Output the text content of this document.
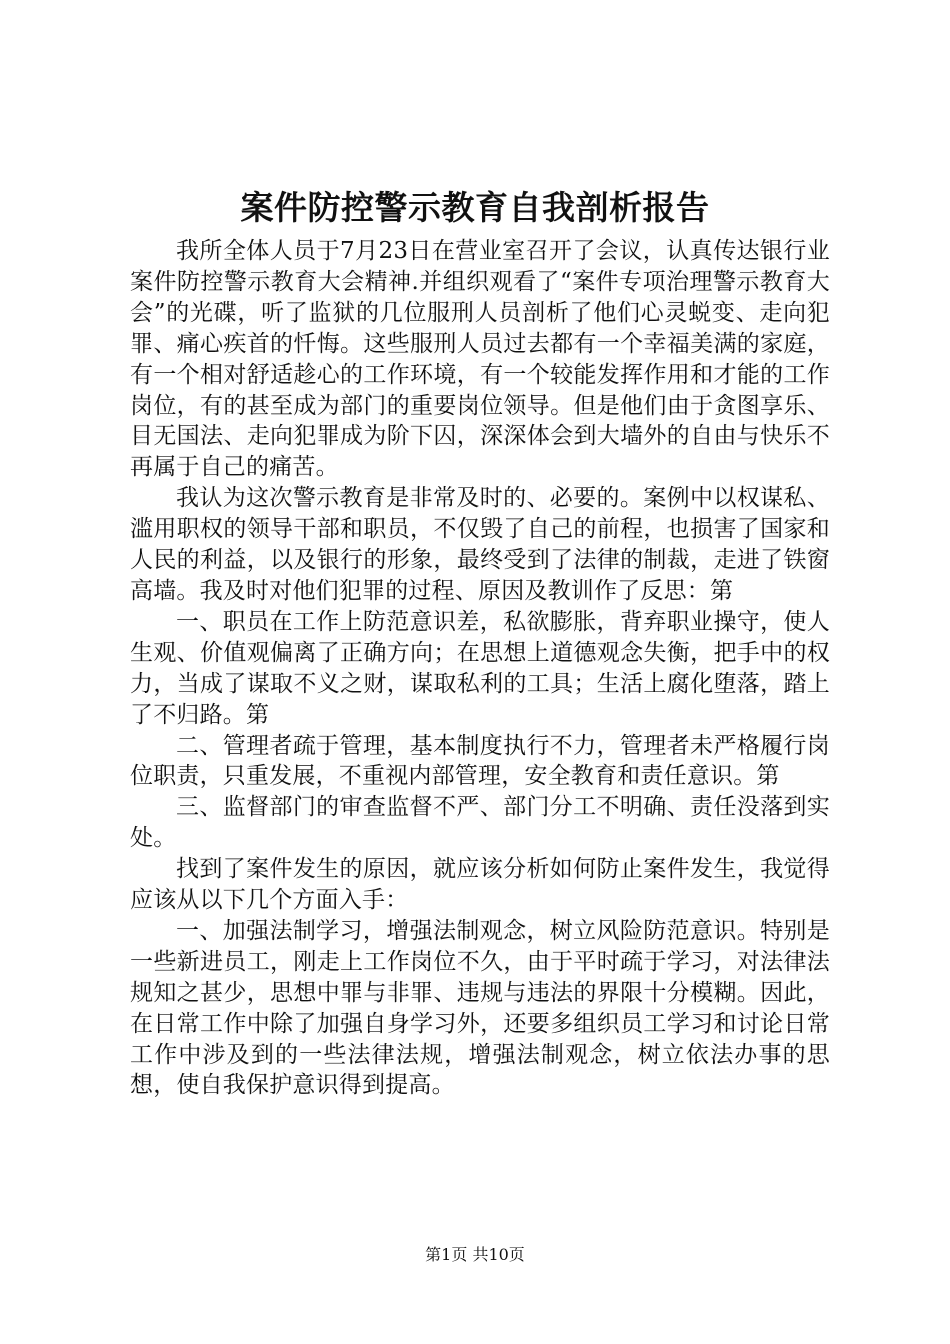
案件防控警示教育自我剖析报告

我所全体人员于7月23日在营业室召开了会议，认真传达银行业案件防控警示教育大会精神.并组织观看了“案件专项治理警示教育大会”的光碟，听了监狱的几位服刑人员剖析了他们心灵蜕变、走向犯罪、痛心疾首的忏悔。这些服刑人员过去都有一个幸福美满的家庭，有一个相对舒适趁心的工作环境，有一个较能发挥作用和才能的工作岗位，有的甚至成为部门的重要岗位领导。但是他们由于贪图享乐、目无国法、走向犯罪成为阶下囚，深深体会到大墙外的自由与快乐不再属于自己的痛苦。

我认为这次警示教育是非常及时的、必要的。案例中以权谋私、滥用职权的领导干部和职员，不仅毁了自己的前程，也损害了国家和人民的利益，以及银行的形象，最终受到了法律的制裁，走进了铁窗高墙。我及时对他们犯罪的过程、原因及教训作了反思：第

一、职员在工作上防范意识差，私欲膨胀，背弃职业操守，使人生观、价值观偏离了正确方向；在思想上道德观念失衡，把手中的权力，当成了谋取不义之财，谋取私利的工具；生活上腐化堕落，踏上了不归路。第

二、管理者疏于管理，基本制度执行不力，管理者未严格履行岗位职责，只重发展，不重视内部管理，安全教育和责任意识。第

三、监督部门的审查监督不严、部门分工不明确、责任没落到实处。

找到了案件发生的原因，就应该分析如何防止案件发生，我觉得应该从以下几个方面入手：

一、加强法制学习，增强法制观念，树立风险防范意识。特别是一些新进员工，刚走上工作岗位不久，由于平时疏于学习，对法律法规知之甚少，思想中罪与非罪、违规与违法的界限十分模糊。因此，在日常工作中除了加强自身学习外，还要多组织员工学习和讨论日常工作中涉及到的一些法律法规，增强法制观念，树立依法办事的思想，使自我保护意识得到提高。

第1页 共10页
